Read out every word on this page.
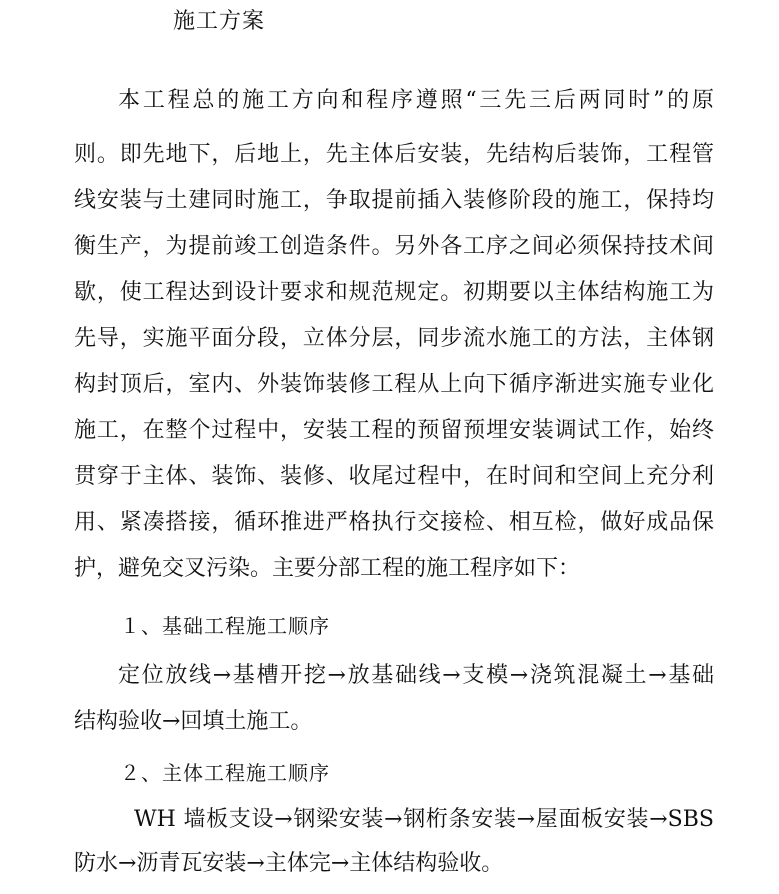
施工方案
本工程总的施工方向和程序遵照“三先三后两同时”的原
则。即先地下，后地上，先主体后安装，先结构后装饰，工程管
线安装与土建同时施工，争取提前插入装修阶段的施工，保持均
衡生产，为提前竣工创造条件。另外各工序之间必须保持技术间
歇，使工程达到设计要求和规范规定。初期要以主体结构施工为
先导，实施平面分段，立体分层，同步流水施工的方法，主体钢
构封顶后，室内、外装饰装修工程从上向下循序渐进实施专业化
施工，在整个过程中，安装工程的预留预埋安装调试工作，始终
贯穿于主体、装饰、装修、收尾过程中，在时间和空间上充分利
用、紧凑搭接，循环推进严格执行交接检、相互检，做好成品保
护，避免交叉污染。主要分部工程的施工程序如下：
１、基础工程施工顺序
定位放线→基槽开挖→放基础线→支模→浇筑混凝土→基础
结构验收→回填土施工。
２、主体工程施工顺序
WH 墙板支设→钢梁安装→钢桁条安装→屋面板安装→SBS
防水→沥青瓦安装→主体完→主体结构验收。
